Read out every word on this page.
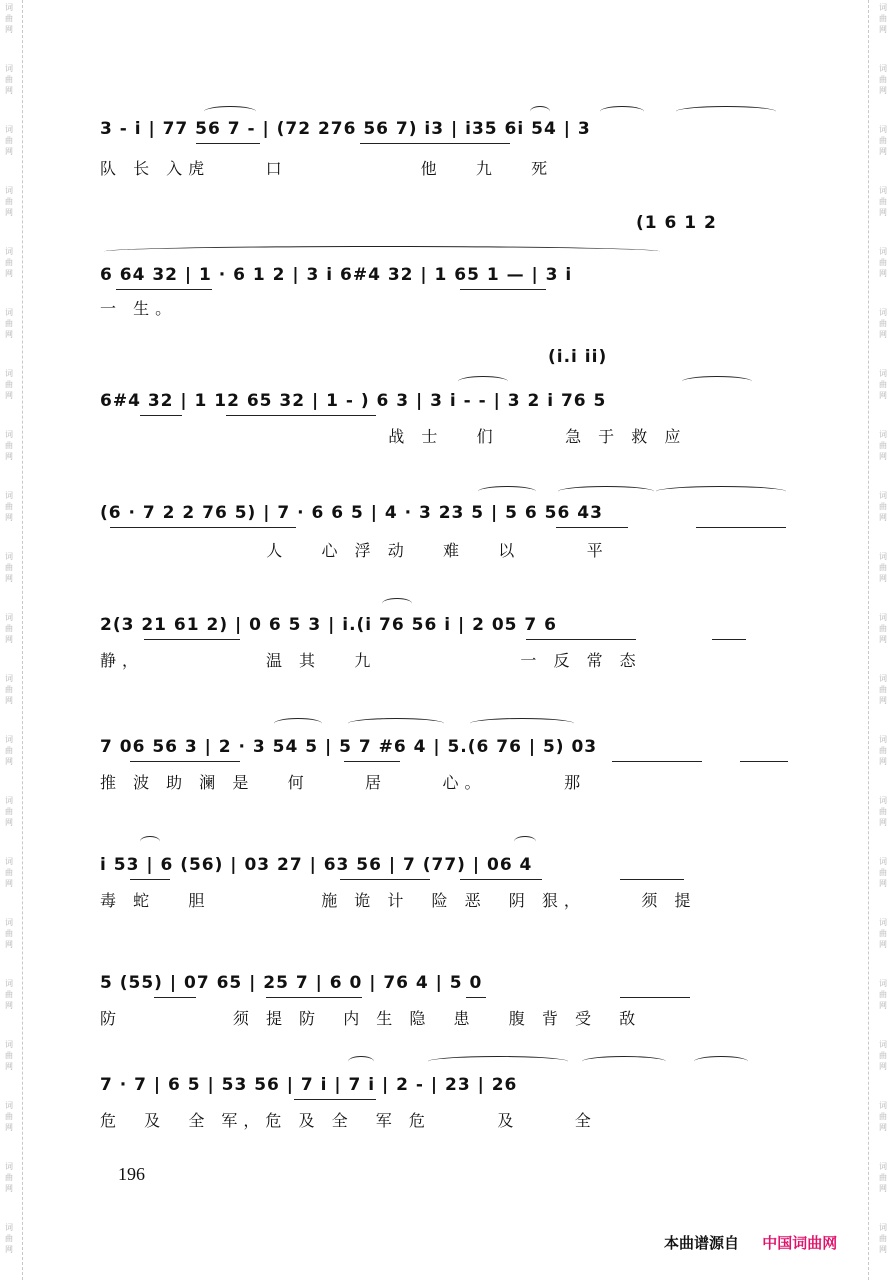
词
曲
网
词
曲
网
词
曲
网
词
曲
网
词
曲
网
词
曲
网
词
曲
网
词
曲
网
词
曲
网
词
曲
网
词
曲
网
词
曲
网
词
曲
网
词
曲
网
词
曲
网
词
曲
网
词
曲
网
词
曲
网
词
曲
网
词
曲
网
词
曲
网
词
曲
网
词
曲
网
词
曲
网
词
曲
网
词
曲
网
词
曲
网
词
曲
网
词
曲
网
词
曲
网
词
曲
网
词
曲
网
词
曲
网
词
曲
网
词
曲
网
词
曲
网
词
曲
网
词
曲
网
词
曲
网
词
曲
网
词
曲
网
词
曲
网
3 - i | 77 56 7 - | (72 276 56 7) i3 | i35 6i 54 | 3
队 长 入虎     口            他   九   死
(1 6 1 2
6 64 32 | 1 · 6 1 2 | 3 i 6#4 32 | 1 65 1 — | 3 i
一 生。
(i.i ii)
6#4 32 | 1 12 65 32 | 1 - ) 6 3 | 3 i - - | 3 2 i 76 5
战 士   们      急 于 救 应
(6 · 7 2 2 76 5) | 7 · 6 6 5 | 4 · 3 23 5 | 5 6 56 43
人   心 浮 动   难   以      平
2(3 21 61 2) | 0 6 5 3 | i.(i 76 56 i | 2 05 7 6
静，           温 其   九             一 反 常 态
7 06 56 3 | 2 · 3 54 5 | 5 7 #6 4 | 5.(6 76 | 5) 03
推 波 助 澜 是   何     居     心。       那
i 53 | 6 (56) | 03 27 | 63 56 | 7 (77) | 06 4
毒 蛇   胆          施 诡 计  险 恶  阴 狠，     须 提
5 (55) | 07 65 | 25 7 | 6 0 | 76 4 | 5 0
防          须 提 防  内 生 隐  患   腹 背 受  敌
7 · 7 | 6 5 | 53 56 | 7 i | 7 i | 2 - | 23 | 26
危  及  全 军，危 及 全  军 危      及     全
196
本曲谱源自 中国词曲网
